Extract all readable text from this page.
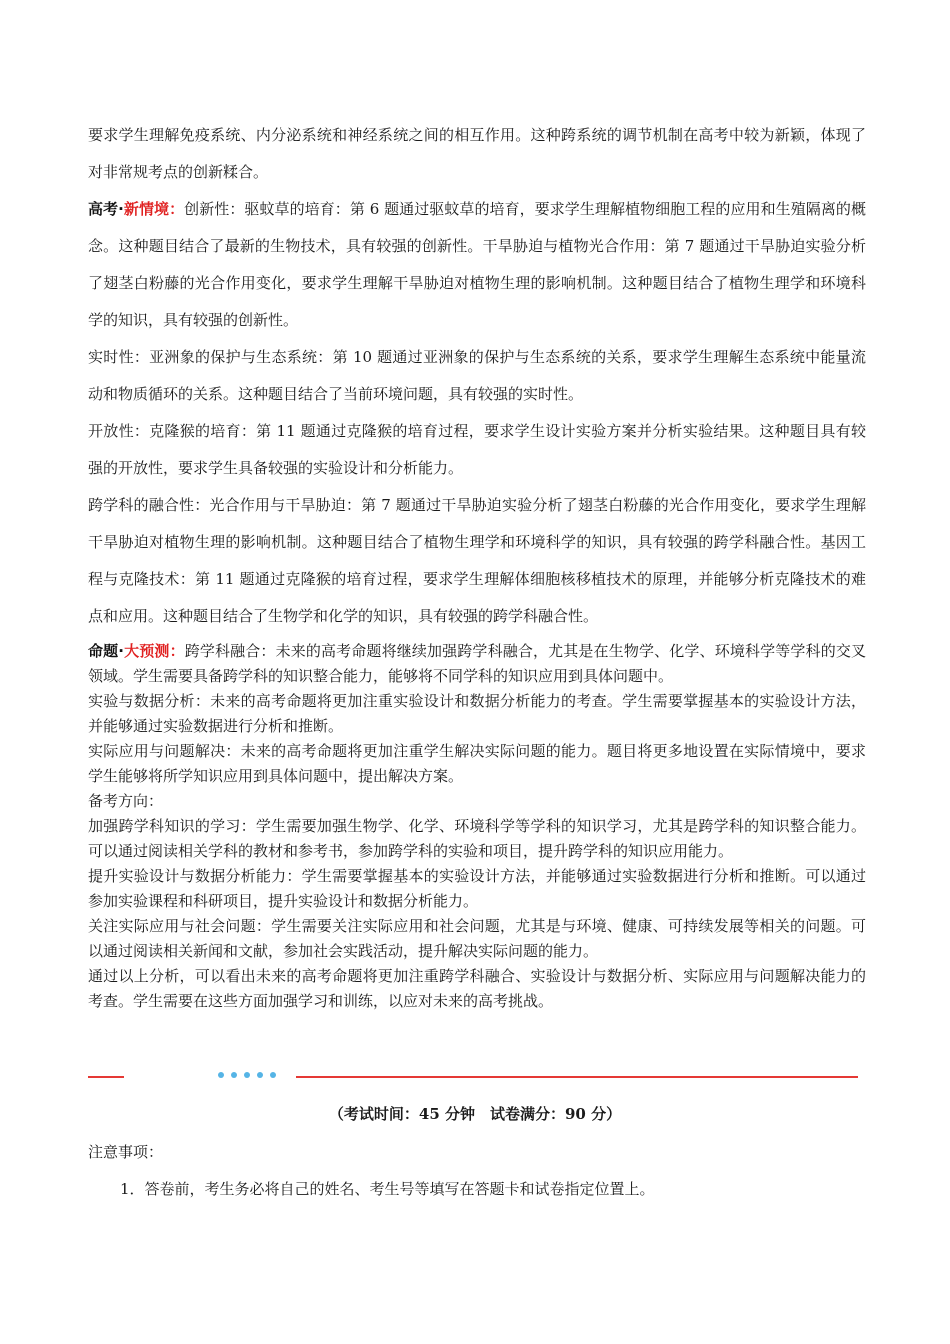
要求学生理解免疫系统、内分泌系统和神经系统之间的相互作用。这种跨系统的调节机制在高考中较为新颖，体现了对非常规考点的创新糅合。

高考·新情境：创新性：驱蚊草的培育：第 6 题通过驱蚊草的培育，要求学生理解植物细胞工程的应用和生殖隔离的概念。这种题目结合了最新的生物技术，具有较强的创新性。干旱胁迫与植物光合作用：第 7 题通过干旱胁迫实验分析了翅茎白粉藤的光合作用变化，要求学生理解干旱胁迫对植物生理的影响机制。这种题目结合了植物生理学和环境科学的知识，具有较强的创新性。

实时性：亚洲象的保护与生态系统：第 10 题通过亚洲象的保护与生态系统的关系，要求学生理解生态系统中能量流动和物质循环的关系。这种题目结合了当前环境问题，具有较强的实时性。

开放性：克隆猴的培育：第 11 题通过克隆猴的培育过程，要求学生设计实验方案并分析实验结果。这种题目具有较强的开放性，要求学生具备较强的实验设计和分析能力。

跨学科的融合性：光合作用与干旱胁迫：第 7 题通过干旱胁迫实验分析了翅茎白粉藤的光合作用变化，要求学生理解干旱胁迫对植物生理的影响机制。这种题目结合了植物生理学和环境科学的知识，具有较强的跨学科融合性。基因工程与克隆技术：第 11 题通过克隆猴的培育过程，要求学生理解体细胞核移植技术的原理，并能够分析克隆技术的难点和应用。这种题目结合了生物学和化学的知识，具有较强的跨学科融合性。

命题·大预测：跨学科融合：未来的高考命题将继续加强跨学科融合，尤其是在生物学、化学、环境科学等学科的交叉领域。学生需要具备跨学科的知识整合能力，能够将不同学科的知识应用到具体问题中。

实验与数据分析：未来的高考命题将更加注重实验设计和数据分析能力的考查。学生需要掌握基本的实验设计方法，并能够通过实验数据进行分析和推断。

实际应用与问题解决：未来的高考命题将更加注重学生解决实际问题的能力。题目将更多地设置在实际情境中，要求学生能够将所学知识应用到具体问题中，提出解决方案。

备考方向：

加强跨学科知识的学习：学生需要加强生物学、化学、环境科学等学科的知识学习，尤其是跨学科的知识整合能力。可以通过阅读相关学科的教材和参考书，参加跨学科的实验和项目，提升跨学科的知识应用能力。

提升实验设计与数据分析能力：学生需要掌握基本的实验设计方法，并能够通过实验数据进行分析和推断。可以通过参加实验课程和科研项目，提升实验设计和数据分析能力。

关注实际应用与社会问题：学生需要关注实际应用和社会问题，尤其是与环境、健康、可持续发展等相关的问题。可以通过阅读相关新闻和文献，参加社会实践活动，提升解决实际问题的能力。

通过以上分析，可以看出未来的高考命题将更加注重跨学科融合、实验设计与数据分析、实际应用与问题解决能力的考查。学生需要在这些方面加强学习和训练，以应对未来的高考挑战。

（考试时间：45 分钟　试卷满分：90 分）
注意事项：
1．答卷前，考生务必将自己的姓名、考生号等填写在答题卡和试卷指定位置上。
